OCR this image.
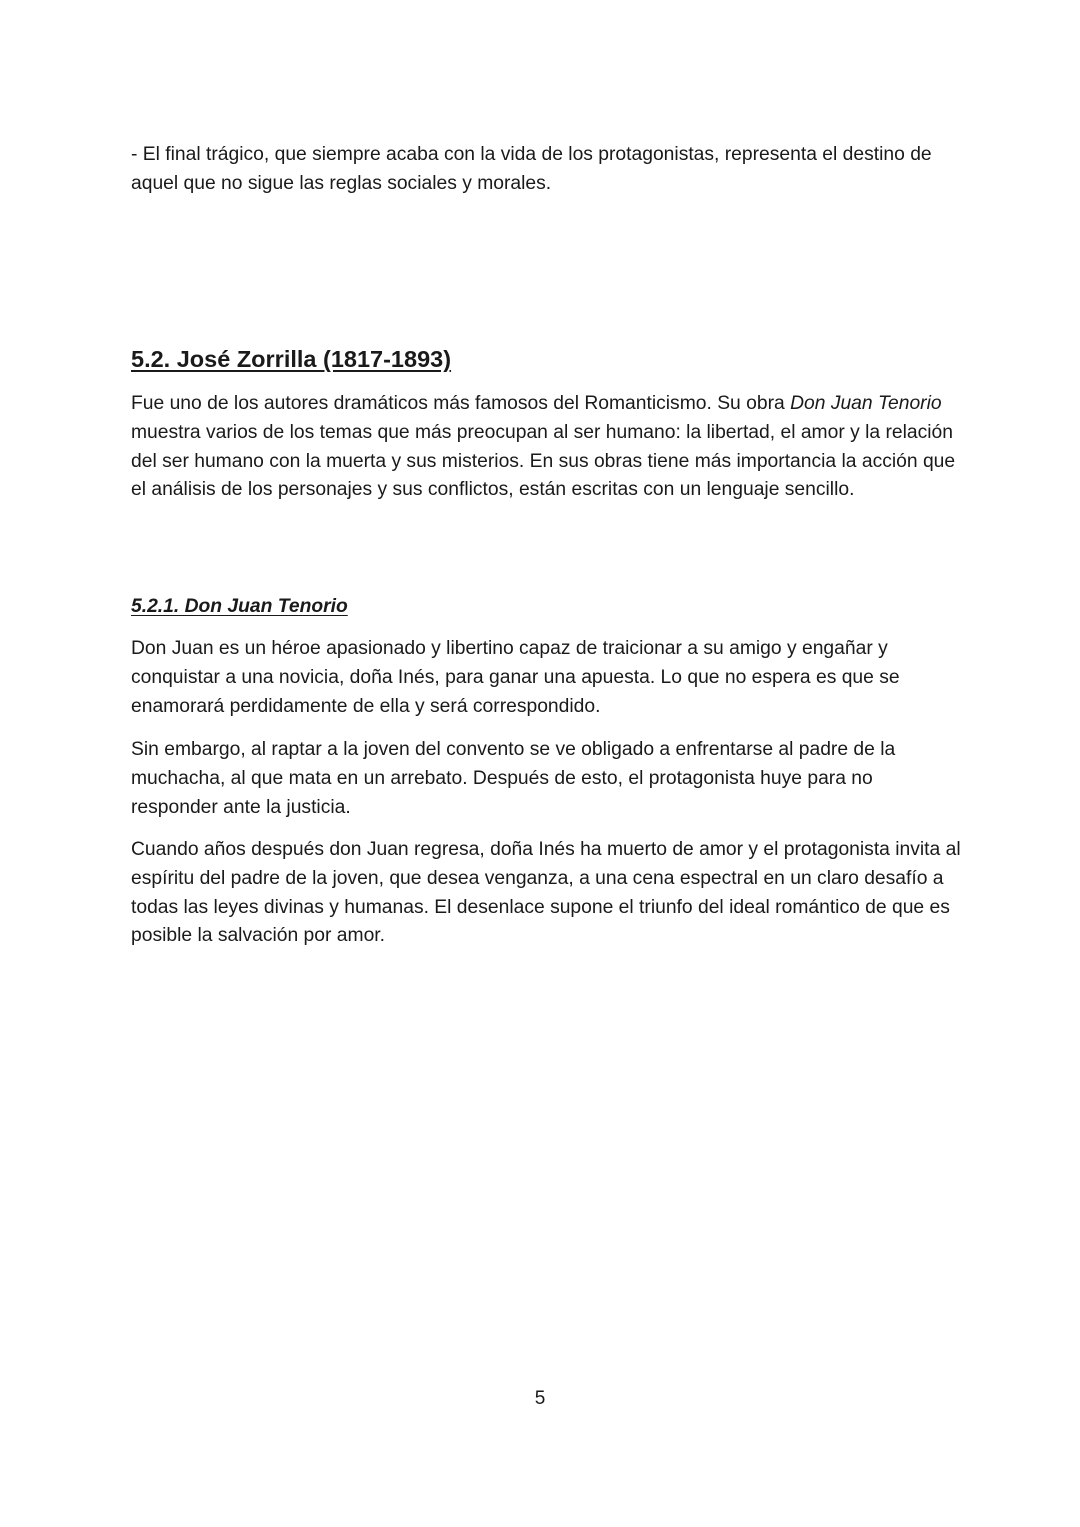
- El final trágico, que siempre acaba con la vida de los protagonistas, representa el destino de aquel que no sigue las reglas sociales y morales.

5.2. José Zorrilla (1817-1893)

Fue uno de los autores dramáticos más famosos del Romanticismo. Su obra Don Juan Tenorio muestra varios de los temas que más preocupan al ser humano: la libertad, el amor y la relación del ser humano con la muerta y sus misterios. En sus obras tiene más importancia la acción que el análisis de los personajes y sus conflictos, están escritas con un lenguaje sencillo.

5.2.1. Don Juan Tenorio

Don Juan es un héroe apasionado y libertino capaz de traicionar a su amigo y engañar y conquistar a una novicia, doña Inés, para ganar una apuesta. Lo que no espera es que se enamorará perdidamente de ella y será correspondido.

Sin embargo, al raptar a la joven del convento se ve obligado a enfrentarse al padre de la muchacha, al que mata en un arrebato. Después de esto, el protagonista huye para no responder ante la justicia.

Cuando años después don Juan regresa, doña Inés ha muerto de amor y el protagonista invita al espíritu del padre de la joven, que desea venganza, a una cena espectral en un claro desafío a todas las leyes divinas y humanas. El desenlace supone el triunfo del ideal romántico de que es posible la salvación por amor.

5
